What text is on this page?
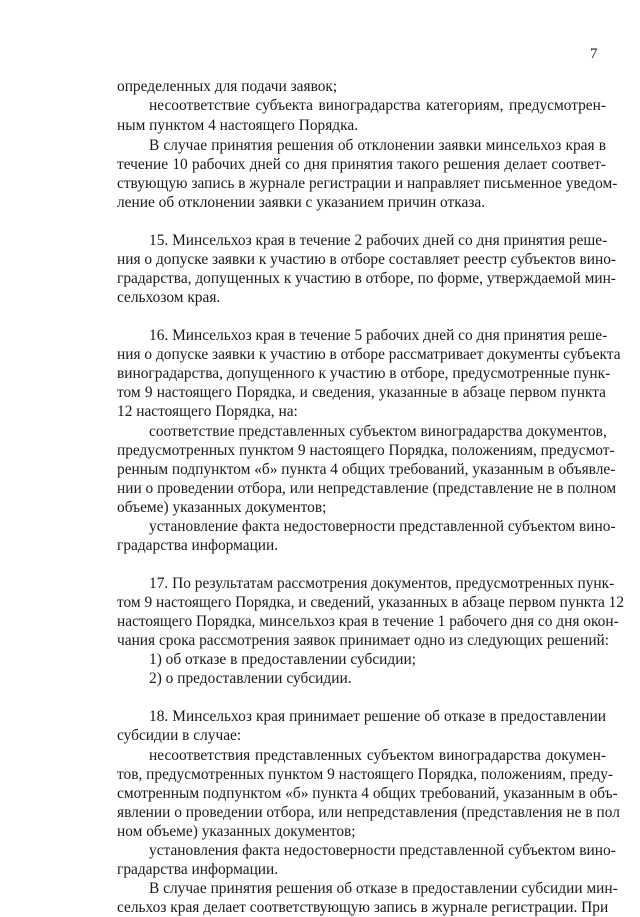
7
определенных для подачи заявок;
несоответствие субъекта виноградарства категориям, предусмотрен-
ным пунктом 4 настоящего Порядка.
В случае принятия решения об отклонении заявки минсельхоз края в
течение 10 рабочих дней со дня принятия такого решения делает соответ-
ствующую запись в журнале регистрации и направляет письменное уведом-
ление об отклонении заявки с указанием причин отказа.
15. Минсельхоз края в течение 2 рабочих дней со дня принятия реше-
ния о допуске заявки к участию в отборе составляет реестр субъектов вино-
градарства, допущенных к участию в отборе, по форме, утверждаемой мин-
сельхозом края.
16. Минсельхоз края в течение 5 рабочих дней со дня принятия реше-
ния о допуске заявки к участию в отборе рассматривает документы субъекта
виноградарства, допущенного к участию в отборе, предусмотренные пунк-
том 9 настоящего Порядка, и сведения, указанные в абзаце первом пункта
12 настоящего Порядка, на:
соответствие представленных субъектом виноградарства документов,
предусмотренных пунктом 9 настоящего Порядка, положениям, предусмот-
ренным подпунктом «б» пункта 4 общих требований, указанным в объявле-
нии о проведении отбора, или непредставление (представление не в полном
объеме) указанных документов;
установление факта недостоверности представленной субъектом вино-
градарства информации.
17. По результатам рассмотрения документов, предусмотренных пунк-
том 9 настоящего Порядка, и сведений, указанных в абзаце первом пункта 12
настоящего Порядка, минсельхоз края в течение 1 рабочего дня со дня окон-
чания срока рассмотрения заявок принимает одно из следующих решений:
1) об отказе в предоставлении субсидии;
2) о предоставлении субсидии.
18. Минсельхоз края принимает решение об отказе в предоставлении
субсидии в случае:
несоответствия представленных субъектом виноградарства докумен-
тов, предусмотренных пунктом 9 настоящего Порядка, положениям, преду-
смотренным подпунктом «б» пункта 4 общих требований, указанным в объ-
явлении о проведении отбора, или непредставления (представления не в пол
ном объеме) указанных документов;
установления факта недостоверности представленной субъектом вино-
градарства информации.
В случае принятия решения об отказе в предоставлении субсидии мин-
сельхоз края делает соответствующую запись в журнале регистрации. При
